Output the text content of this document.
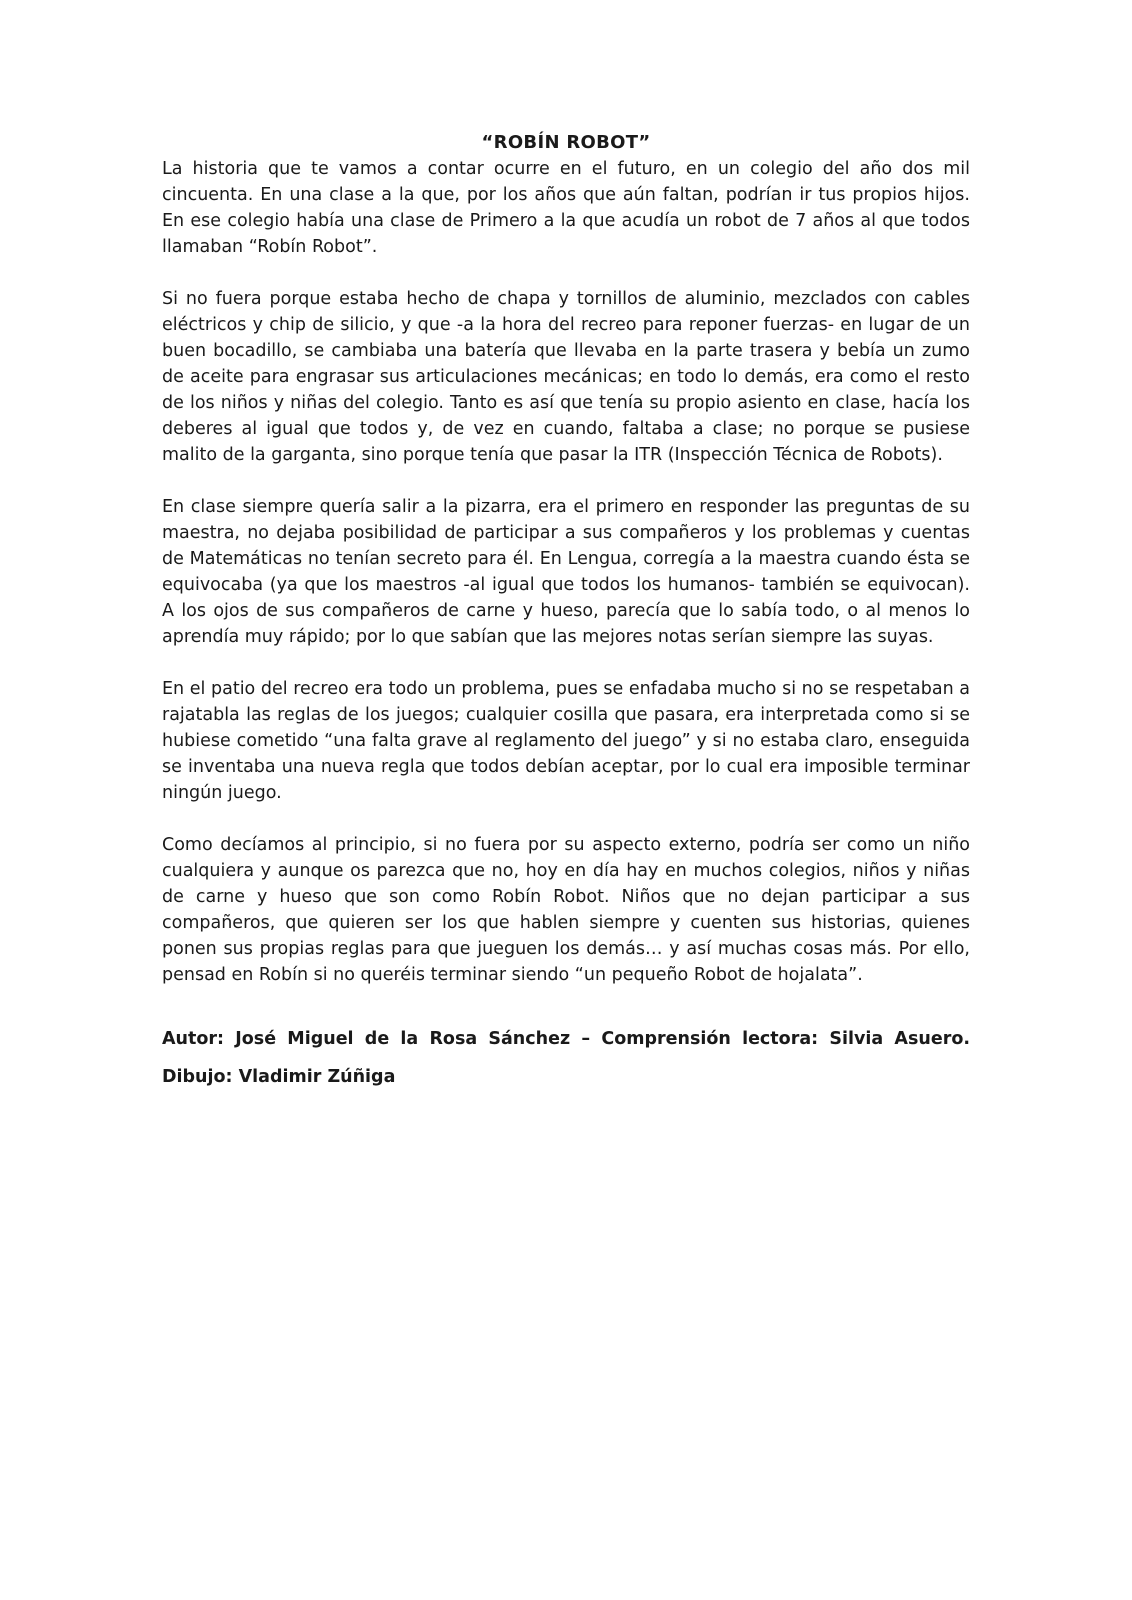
“ROBÍN ROBOT”

La historia que te vamos a contar ocurre en el futuro, en un colegio del año dos mil cincuenta. En una clase a la que, por los años que aún faltan, podrían ir tus propios hijos. En ese colegio había una clase de Primero a la que acudía un robot de 7 años al que todos llamaban “Robín Robot”.

Si no fuera porque estaba hecho de chapa y tornillos de aluminio, mezclados con cables eléctricos y chip de silicio, y que -a la hora del recreo para reponer fuerzas- en lugar de un buen bocadillo, se cambiaba una batería que llevaba en la parte trasera y bebía un zumo de aceite para engrasar sus articulaciones mecánicas; en todo lo demás, era como el resto de los niños y niñas del colegio. Tanto es así que tenía su propio asiento en clase, hacía los deberes al igual que todos y, de vez en cuando, faltaba a clase; no porque se pusiese malito de la garganta, sino porque tenía que pasar la ITR (Inspección Técnica de Robots).

En clase siempre quería salir a la pizarra, era el primero en responder las preguntas de su maestra, no dejaba posibilidad de participar a sus compañeros y los problemas y cuentas de Matemáticas no tenían secreto para él. En Lengua, corregía a la maestra cuando ésta se equivocaba (ya que los maestros -al igual que todos los humanos- también se equivocan). A los ojos de sus compañeros de carne y hueso, parecía que lo sabía todo, o al menos lo aprendía muy rápido; por lo que sabían que las mejores notas serían siempre las suyas.

En el patio del recreo era todo un problema, pues se enfadaba mucho si no se respetaban a rajatabla las reglas de los juegos; cualquier cosilla que pasara, era interpretada como si se hubiese cometido “una falta grave al reglamento del juego” y si no estaba claro, enseguida se inventaba una nueva regla que todos debían aceptar, por lo cual era imposible terminar ningún juego.

Como decíamos al principio, si no fuera por su aspecto externo, podría ser como un niño cualquiera y aunque os parezca que no, hoy en día hay en muchos colegios, niños y niñas de carne y hueso que son como Robín Robot. Niños que no dejan participar a sus compañeros, que quieren ser los que hablen siempre y cuenten sus historias, quienes ponen sus propias reglas para que jueguen los demás… y así muchas cosas más. Por ello, pensad en Robín si no queréis terminar siendo “un pequeño Robot de hojalata”.

Autor: José Miguel de la Rosa Sánchez – Comprensión lectora: Silvia Asuero. Dibujo: Vladimir Zúñiga
